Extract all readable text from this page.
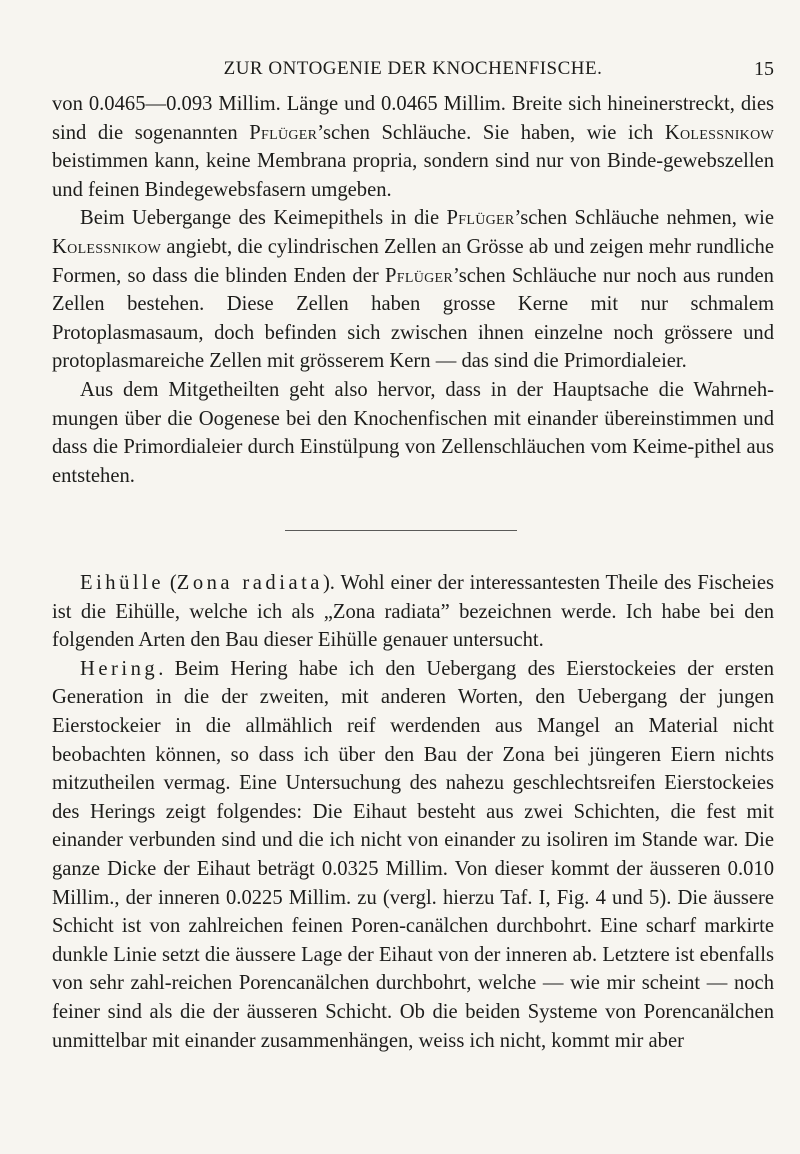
ZUR ONTOGENIE DER KNOCHENFISCHE.	15

von 0.0465—0.093 Millim. Länge und 0.0465 Millim. Breite sich hineinerstreckt, dies sind die sogenannten Pflüger’schen Schläuche. Sie haben, wie ich Kolessnikow beistimmen kann, keine Membrana propria, sondern sind nur von Binde-gewebszellen und feinen Bindegewebsfasern umgeben.

Beim Uebergange des Keimepithels in die Pflüger’schen Schläuche nehmen, wie Kolessnikow angiebt, die cylindrischen Zellen an Grösse ab und zeigen mehr rundliche Formen, so dass die blinden Enden der Pflüger’schen Schläuche nur noch aus runden Zellen bestehen. Diese Zellen haben grosse Kerne mit nur schmalem Protoplasmasaum, doch befinden sich zwischen ihnen einzelne noch grössere und protoplasmareiche Zellen mit grösserem Kern — das sind die Primordialeier.

Aus dem Mitgetheilten geht also hervor, dass in der Hauptsache die Wahrneh-mungen über die Oogenese bei den Knochenfischen mit einander übereinstimmen und dass die Primordialeier durch Einstülpung von Zellenschläuchen vom Keime-pithel aus entstehen.

Eihülle (Zona radiata). Wohl einer der interessantesten Theile des Fischeies ist die Eihülle, welche ich als „Zona radiata” bezeichnen werde. Ich habe bei den folgenden Arten den Bau dieser Eihülle genauer untersucht.

Hering. Beim Hering habe ich den Uebergang des Eierstockeies der ersten Generation in die der zweiten, mit anderen Worten, den Uebergang der jungen Eierstockeier in die allmählich reif werdenden aus Mangel an Material nicht beobachten können, so dass ich über den Bau der Zona bei jüngeren Eiern nichts mitzutheilen vermag. Eine Untersuchung des nahezu geschlechtsreifen Eierstockeies des Herings zeigt folgendes: Die Eihaut besteht aus zwei Schichten, die fest mit einander verbunden sind und die ich nicht von einander zu isoliren im Stande war. Die ganze Dicke der Eihaut beträgt 0.0325 Millim. Von dieser kommt der äusseren 0.010 Millim., der inneren 0.0225 Millim. zu (vergl. hierzu Taf. I, Fig. 4 und 5). Die äussere Schicht ist von zahlreichen feinen Poren-canälchen durchbohrt. Eine scharf markirte dunkle Linie setzt die äussere Lage der Eihaut von der inneren ab. Letztere ist ebenfalls von sehr zahl-reichen Porencanälchen durchbohrt, welche — wie mir scheint — noch feiner sind als die der äusseren Schicht. Ob die beiden Systeme von Porencanälchen unmittelbar mit einander zusammenhängen, weiss ich nicht, kommt mir aber
